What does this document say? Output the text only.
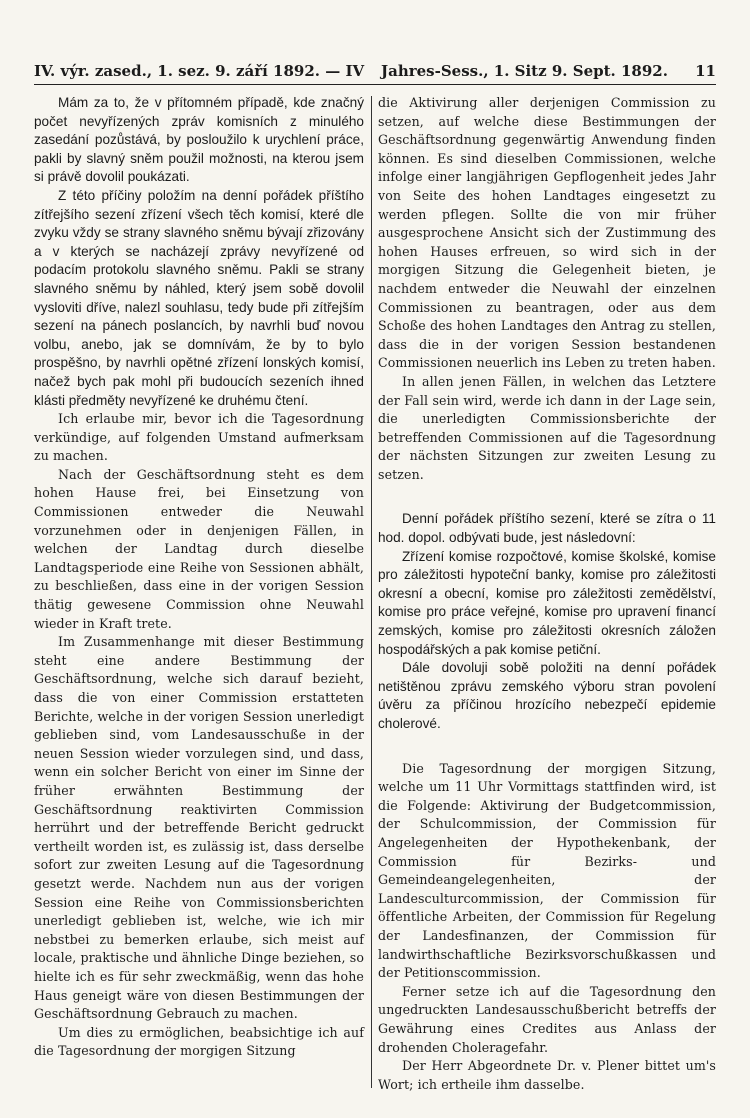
IV. výr. zased., 1. sez. 9. září 1892. — IV	Jahres-Sess., 1. Sitz 9. Sept. 1892.	11

Mám za to, že v přítomném případě, kde značný počet nevyřízených zpráv komisních z minulého zasedání pozůstává, by posloužilo k urychlení práce, pakli by slavný sněm použil možnosti, na kterou jsem si právě dovolil poukázati.

Z této příčiny položím na denní pořádek příštího zítřejšího sezení zřízení všech těch komisí, které dle zvyku vždy se strany slavného sněmu bývají zřizovány a v kterých se nacházejí zprávy nevyřízené od podacím protokolu slavného sněmu. Pakli se strany slavného sněmu by náhled, který jsem sobě dovolil vysloviti dříve, nalezl souhlasu, tedy bude při zítřejším sezení na pánech poslancích, by navrhli buď novou volbu, anebo, jak se domnívám, že by to bylo prospěšno, by navrhli opětné zřízení lonských komisí, načež bych pak mohl při budoucích sezeních ihned klásti předměty nevyřízené ke druhému čtení.

Ich erlaube mir, bevor ich die Tagesordnung verkündige, auf folgenden Umstand aufmerksam zu machen.

Nach der Geschäftsordnung steht es dem hohen Hause frei, bei Einsetzung von Commissionen entweder die Neuwahl vorzunehmen oder in denjenigen Fällen, in welchen der Landtag durch dieselbe Landtagsperiode eine Reihe von Sessionen abhält, zu beschließen, dass eine in der vorigen Session thätig gewesene Commission ohne Neuwahl wieder in Kraft trete.

Im Zusammenhange mit dieser Bestimmung steht eine andere Bestimmung der Geschäftsordnung, welche sich darauf bezieht, dass die von einer Commission erstatteten Berichte, welche in der vorigen Session unerledigt geblieben sind, vom Landesausschuße in der neuen Session wieder vorzulegen sind, und dass, wenn ein solcher Bericht von einer im Sinne der früher erwähnten Bestimmung der Geschäftsordnung reaktivirten Commission herrührt und der betreffende Bericht gedruckt vertheilt worden ist, es zulässig ist, dass derselbe sofort zur zweiten Lesung auf die Tagesordnung gesetzt werde. Nachdem nun aus der vorigen Session eine Reihe von Commissionsberichten unerledigt geblieben ist, welche, wie ich mir nebstbei zu bemerken erlaube, sich meist auf locale, praktische und ähnliche Dinge beziehen, so hielte ich es für sehr zweckmäßig, wenn das hohe Haus geneigt wäre von diesen Bestimmungen der Geschäftsordnung Gebrauch zu machen.

Um dies zu ermöglichen, beabsichtige ich auf die Tagesordnung der morgigen Sitzung

die Aktivirung aller derjenigen Commission zu setzen, auf welche diese Bestimmungen der Geschäftsordnung gegenwärtig Anwendung finden können. Es sind dieselben Commissionen, welche infolge einer langjährigen Gepflogenheit jedes Jahr von Seite des hohen Landtages eingesetzt zu werden pflegen. Sollte die von mir früher ausgesprochene Ansicht sich der Zustimmung des hohen Hauses erfreuen, so wird sich in der morgigen Sitzung die Gelegenheit bieten, je nachdem entweder die Neuwahl der einzelnen Commissionen zu beantragen, oder aus dem Schoße des hohen Landtages den Antrag zu stellen, dass die in der vorigen Session bestandenen Commissionen neuerlich ins Leben zu treten haben.

In allen jenen Fällen, in welchen das Letztere der Fall sein wird, werde ich dann in der Lage sein, die unerledigten Commissionsberichte der betreffenden Commissionen auf die Tagesordnung der nächsten Sitzungen zur zweiten Lesung zu setzen.

Denní pořádek příštího sezení, které se zítra o 11 hod. dopol. odbývati bude, jest následovní:

Zřízení komise rozpočtové, komise školské, komise pro záležitosti hypoteční banky, komise pro záležitosti okresní a obecní, komise pro záležitosti zemědělství, komise pro práce veřejné, komise pro upravení financí zemských, komise pro záležitosti okresních záložen hospodářských a pak komise petiční.

Dále dovoluji sobě položiti na denní pořádek netištěnou zprávu zemského výboru stran povolení úvěru za příčinou hrozícího nebezpečí epidemie cholerové.

Die Tagesordnung der morgigen Sitzung, welche um 11 Uhr Vormittags stattfinden wird, ist die Folgende: Aktivirung der Budgetcommission, der Schulcommission, der Commission für Angelegenheiten der Hypothekenbank, der Commission für Bezirks- und Gemeindeangelegenheiten, der Landesculturcommission, der Commission für öffentliche Arbeiten, der Commission für Regelung der Landesfinanzen, der Commission für landwirthschaftliche Bezirksvorschußkassen und der Petitionscommission.

Ferner setze ich auf die Tagesordnung den ungedruckten Landesausschußbericht betreffs der Gewährung eines Credites aus Anlass der drohenden Choleragefahr.

Der Herr Abgeordnete Dr. v. Plener bittet um's Wort; ich ertheile ihm dasselbe.
